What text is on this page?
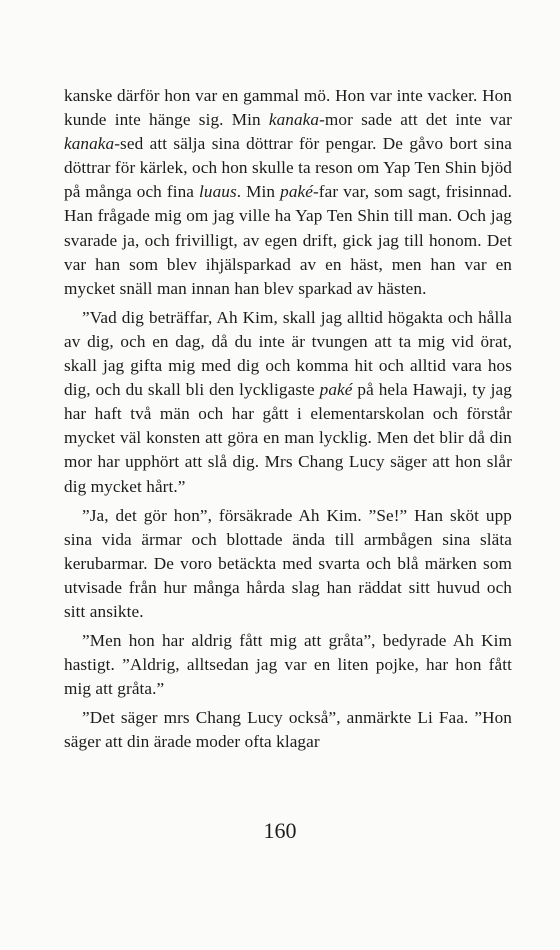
kanske därför hon var en gammal mö. Hon var inte vacker. Hon kunde inte hänge sig. Min kanaka-mor sade att det inte var kanaka-sed att sälja sina döttrar för pengar. De gåvo bort sina döttrar för kärlek, och hon skulle ta reson om Yap Ten Shin bjöd på många och fina luaus. Min paké-far var, som sagt, frisinnad. Han frågade mig om jag ville ha Yap Ten Shin till man. Och jag svarade ja, och frivilligt, av egen drift, gick jag till honom. Det var han som blev ihjälsparkad av en häst, men han var en mycket snäll man innan han blev sparkad av hästen.

”Vad dig beträffar, Ah Kim, skall jag alltid högakta och hålla av dig, och en dag, då du inte är tvungen att ta mig vid örat, skall jag gifta mig med dig och komma hit och alltid vara hos dig, och du skall bli den lyckligaste paké på hela Hawaji, ty jag har haft två män och har gått i elementarskolan och förstår mycket väl konsten att göra en man lycklig. Men det blir då din mor har upphört att slå dig. Mrs Chang Lucy säger att hon slår dig mycket hårt.”

”Ja, det gör hon”, försäkrade Ah Kim. ”Se!” Han sköt upp sina vida ärmar och blottade ända till armbågen sina släta kerubarmar. De voro betäckta med svarta och blå märken som utvisade från hur många hårda slag han räddat sitt huvud och sitt ansikte.

”Men hon har aldrig fått mig att gråta”, bedyrade Ah Kim hastigt. ”Aldrig, alltsedan jag var en liten pojke, har hon fått mig att gråta.”

”Det säger mrs Chang Lucy också”, anmärkte Li Faa. ”Hon säger att din ärade moder ofta klagar

160
